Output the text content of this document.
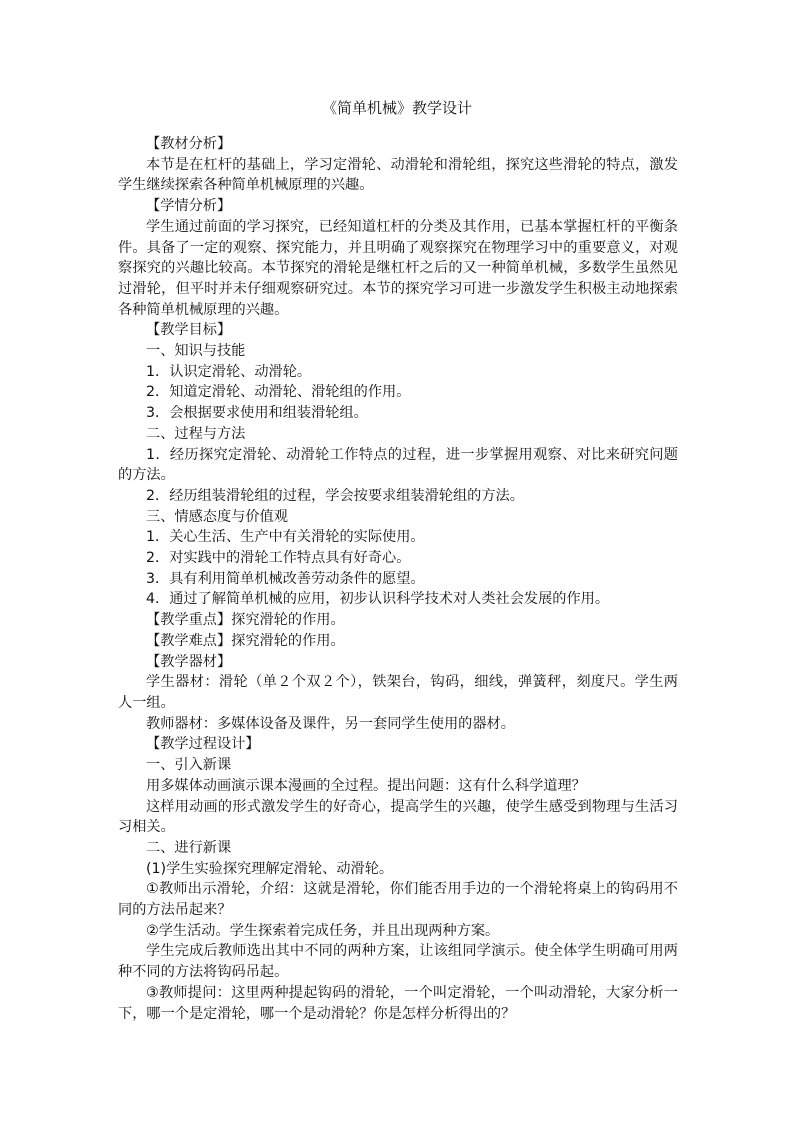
《简单机械》教学设计

【教材分析】

本节是在杠杆的基础上，学习定滑轮、动滑轮和滑轮组，探究这些滑轮的特点，激发学生继续探索各种简单机械原理的兴趣。

【学情分析】

学生通过前面的学习探究，已经知道杠杆的分类及其作用，已基本掌握杠杆的平衡条件。具备了一定的观察、探究能力，并且明确了观察探究在物理学习中的重要意义，对观察探究的兴趣比较高。本节探究的滑轮是继杠杆之后的又一种简单机械，多数学生虽然见过滑轮，但平时并未仔细观察研究过。本节的探究学习可进一步激发学生积极主动地探索各种简单机械原理的兴趣。

【教学目标】

一、知识与技能

1．认识定滑轮、动滑轮。

2．知道定滑轮、动滑轮、滑轮组的作用。

3．会根据要求使用和组装滑轮组。

二、过程与方法

1．经历探究定滑轮、动滑轮工作特点的过程，进一步掌握用观察、对比来研究问题的方法。

2．经历组装滑轮组的过程，学会按要求组装滑轮组的方法。

三、情感态度与价值观

1．关心生活、生产中有关滑轮的实际使用。

2．对实践中的滑轮工作特点具有好奇心。

3．具有利用简单机械改善劳动条件的愿望。

4．通过了解简单机械的应用，初步认识科学技术对人类社会发展的作用。

【教学重点】探究滑轮的作用。

【教学难点】探究滑轮的作用。

【教学器材】

学生器材：滑轮（单２个双２个），铁架台，钩码，细线，弹簧秤，刻度尺。学生两人一组。

教师器材：多媒体设备及课件，另一套同学生使用的器材。

【教学过程设计】

一、引入新课

用多媒体动画演示课本漫画的全过程。提出问题：这有什么科学道理？

这样用动画的形式激发学生的好奇心，提高学生的兴趣，使学生感受到物理与生活习习相关。

二、进行新课

(1)学生实验探究理解定滑轮、动滑轮。

①教师出示滑轮，介绍：这就是滑轮，你们能否用手边的一个滑轮将桌上的钩码用不同的方法吊起来？

②学生活动。学生探索着完成任务，并且出现两种方案。

学生完成后教师选出其中不同的两种方案，让该组同学演示。使全体学生明确可用两种不同的方法将钩码吊起。

③教师提问：这里两种提起钩码的滑轮，一个叫定滑轮，一个叫动滑轮，大家分析一下，哪一个是定滑轮，哪一个是动滑轮？你是怎样分析得出的？
